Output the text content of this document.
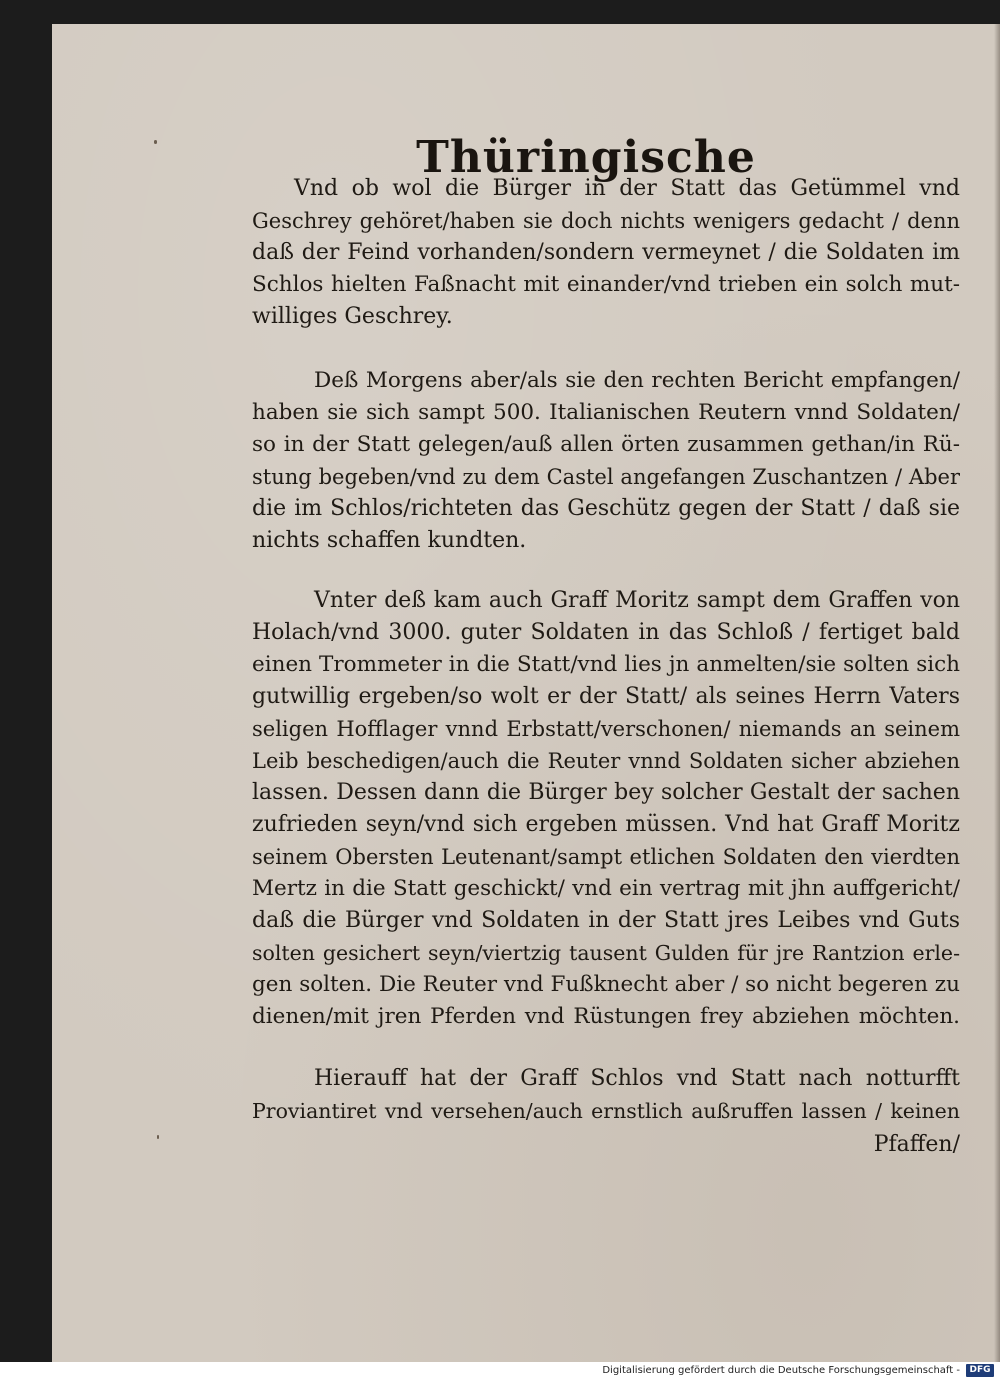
Thüringische
Vnd ob wol die Bürger in der Statt das Getümmel vnd
Geschrey gehöret/haben sie doch nichts wenigers gedacht / denn
daß der Feind vorhanden/sondern vermeynet / die Soldaten im
Schlos hielten Faßnacht mit einander/vnd trieben ein solch mut-
williges Geschrey.
Deß Morgens aber/als sie den rechten Bericht empfangen/
haben sie sich sampt 500. Italianischen Reutern vnnd Soldaten/
so in der Statt gelegen/auß allen örten zusammen gethan/in Rü-
stung begeben/vnd zu dem Castel angefangen Zuschantzen / Aber
die im Schlos/richteten das Geschütz gegen der Statt / daß sie
nichts schaffen kundten.
Vnter deß kam auch Graff Moritz sampt dem Graffen von
Holach/vnd 3000. guter Soldaten in das Schloß / fertiget bald
einen Trommeter in die Statt/vnd lies jn anmelten/sie solten sich
gutwillig ergeben/so wolt er der Statt/ als seines Herrn Vaters
seligen Hofflager vnnd Erbstatt/verschonen/ niemands an seinem
Leib beschedigen/auch die Reuter vnnd Soldaten sicher abziehen
lassen. Dessen dann die Bürger bey solcher Gestalt der sachen
zufrieden seyn/vnd sich ergeben müssen. Vnd hat Graff Moritz
seinem Obersten Leutenant/sampt etlichen Soldaten den vierdten
Mertz in die Statt geschickt/ vnd ein vertrag mit jhn auffgericht/
daß die Bürger vnd Soldaten in der Statt jres Leibes vnd Guts
solten gesichert seyn/viertzig tausent Gulden für jre Rantzion erle-
gen solten. Die Reuter vnd Fußknecht aber / so nicht begeren zu
dienen/mit jren Pferden vnd Rüstungen frey abziehen möchten.
Hierauff hat der Graff Schlos vnd Statt nach notturfft
Proviantiret vnd versehen/auch ernstlich außruffen lassen / keinen
Pfaffen/
Digitalisierung gefördert durch die Deutsche Forschungsgemeinschaft -	DFG
